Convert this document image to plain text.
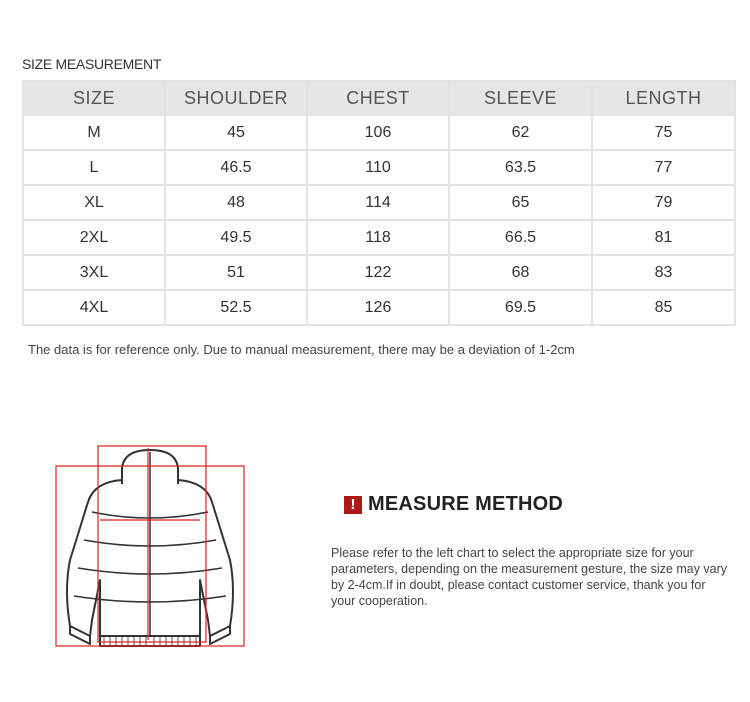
SIZE MEASUREMENT
SIZE	SHOULDER	CHEST	SLEEVE	LENGTH
M	45	106	62	75
L	46.5	110	63.5	77
XL	48	114	65	79
2XL	49.5	118	66.5	81
3XL	51	122	68	83
4XL	52.5	126	69.5	85
The data is for reference only. Due to manual measurement, there may be a deviation of 1-2cm
! MEASURE METHOD
Please refer to the left chart to select the appropriate size for your parameters, depending on the measurement gesture, the size may vary by 2-4cm.If in doubt, please contact customer service, thank you for your cooperation.
